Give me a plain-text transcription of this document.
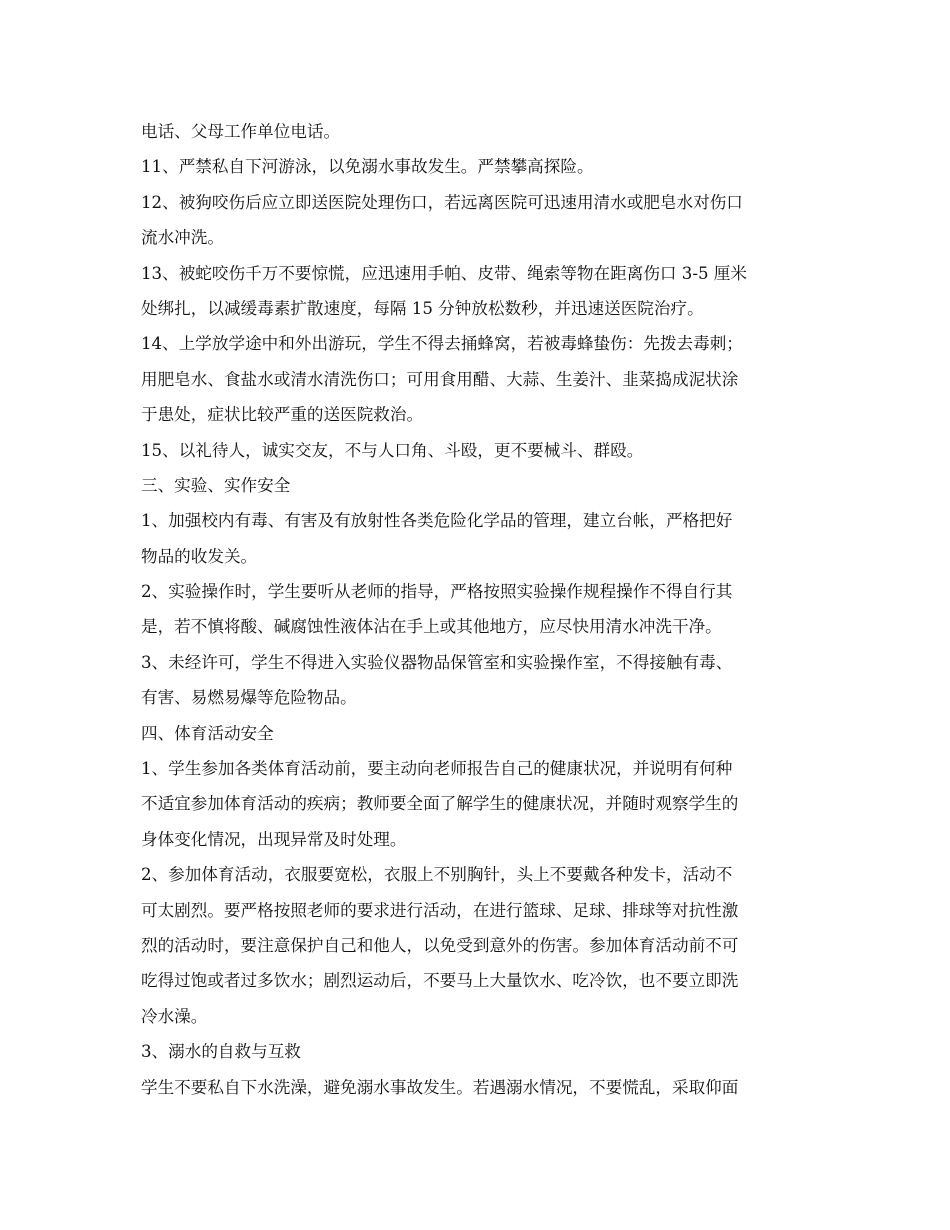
电话、父母工作单位电话。
11、严禁私自下河游泳，以免溺水事故发生。严禁攀高探险。
12、被狗咬伤后应立即送医院处理伤口，若远离医院可迅速用清水或肥皂水对伤口
流水冲洗。
13、被蛇咬伤千万不要惊慌，应迅速用手帕、皮带、绳索等物在距离伤口 3-5 厘米
处绑扎，以减缓毒素扩散速度，每隔 15 分钟放松数秒，并迅速送医院治疗。
14、上学放学途中和外出游玩，学生不得去捅蜂窝，若被毒蜂蛰伤：先拨去毒刺；
用肥皂水、食盐水或清水清洗伤口；可用食用醋、大蒜、生姜汁、韭菜捣成泥状涂
于患处，症状比较严重的送医院救治。
15、以礼待人，诚实交友，不与人口角、斗殴，更不要械斗、群殴。
三、实验、实作安全
1、加强校内有毒、有害及有放射性各类危险化学品的管理，建立台帐，严格把好
物品的收发关。
2、实验操作时，学生要听从老师的指导，严格按照实验操作规程操作不得自行其
是，若不慎将酸、碱腐蚀性液体沾在手上或其他地方，应尽快用清水冲洗干净。
3、未经许可，学生不得进入实验仪器物品保管室和实验操作室，不得接触有毒、
有害、易燃易爆等危险物品。
四、体育活动安全
1、学生参加各类体育活动前，要主动向老师报告自己的健康状况，并说明有何种
不适宜参加体育活动的疾病；教师要全面了解学生的健康状况，并随时观察学生的
身体变化情况，出现异常及时处理。
2、参加体育活动，衣服要宽松，衣服上不别胸针，头上不要戴各种发卡，活动不
可太剧烈。要严格按照老师的要求进行活动，在进行篮球、足球、排球等对抗性激
烈的活动时，要注意保护自己和他人，以免受到意外的伤害。参加体育活动前不可
吃得过饱或者过多饮水；剧烈运动后，不要马上大量饮水、吃冷饮，也不要立即洗
冷水澡。
3、溺水的自救与互救
学生不要私自下水洗澡，避免溺水事故发生。若遇溺水情况，不要慌乱，采取仰面
